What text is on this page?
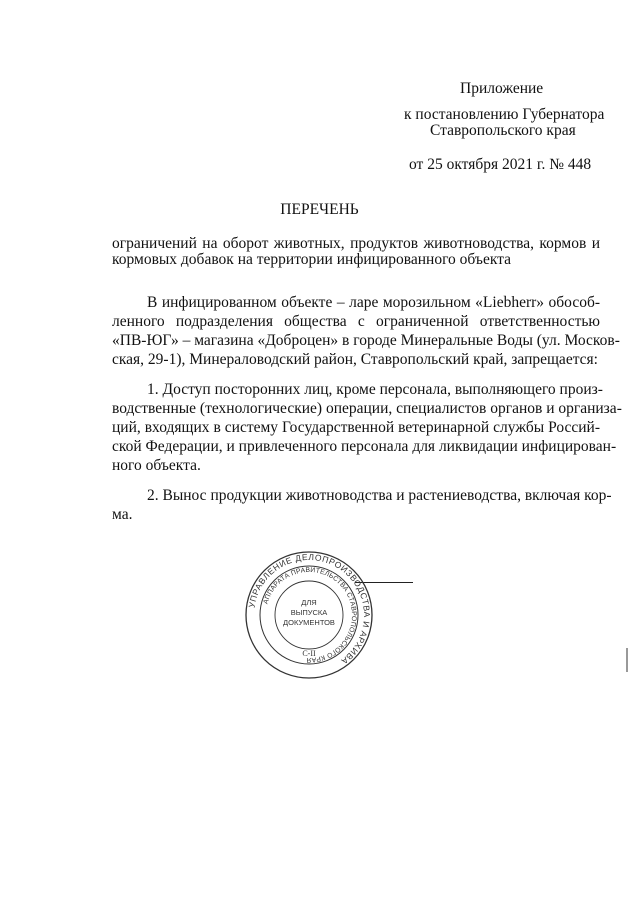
Приложение
к постановлению Губернатора
Ставропольского края
от 25 октября 2021 г. № 448
ПЕРЕЧЕНЬ
ограничений на оборот животных, продуктов животноводства, кормов и
кормовых добавок на территории инфицированного объекта
В инфицированном объекте – ларе морозильном «Liebherr» обособ-
ленного подразделения общества с ограниченной ответственностью
«ПВ-ЮГ» – магазина «Доброцен» в городе Минеральные Воды (ул. Москов-
ская, 29-1), Минераловодский район, Ставропольский край, запрещается:
1. Доступ посторонних лиц, кроме персонала, выполняющего произ-
водственные (технологические) операции, специалистов органов и организа-
ций, входящих в систему Государственной ветеринарной службы Россий-
ской Федерации, и привлеченного персонала для ликвидации инфицирован-
ного объекта.
2. Вынос продукции животноводства и растениеводства, включая кор-
ма.
УПРАВЛЕНИЕ ДЕЛОПРОИЗВОДСТВА И АРХИВА
АППАРАТА ПРАВИТЕЛЬСТВА СТАВРОПОЛЬСКОГО КРАЯ
ДЛЯ
ВЫПУСКА
ДОКУМЕНТОВ
С-II
